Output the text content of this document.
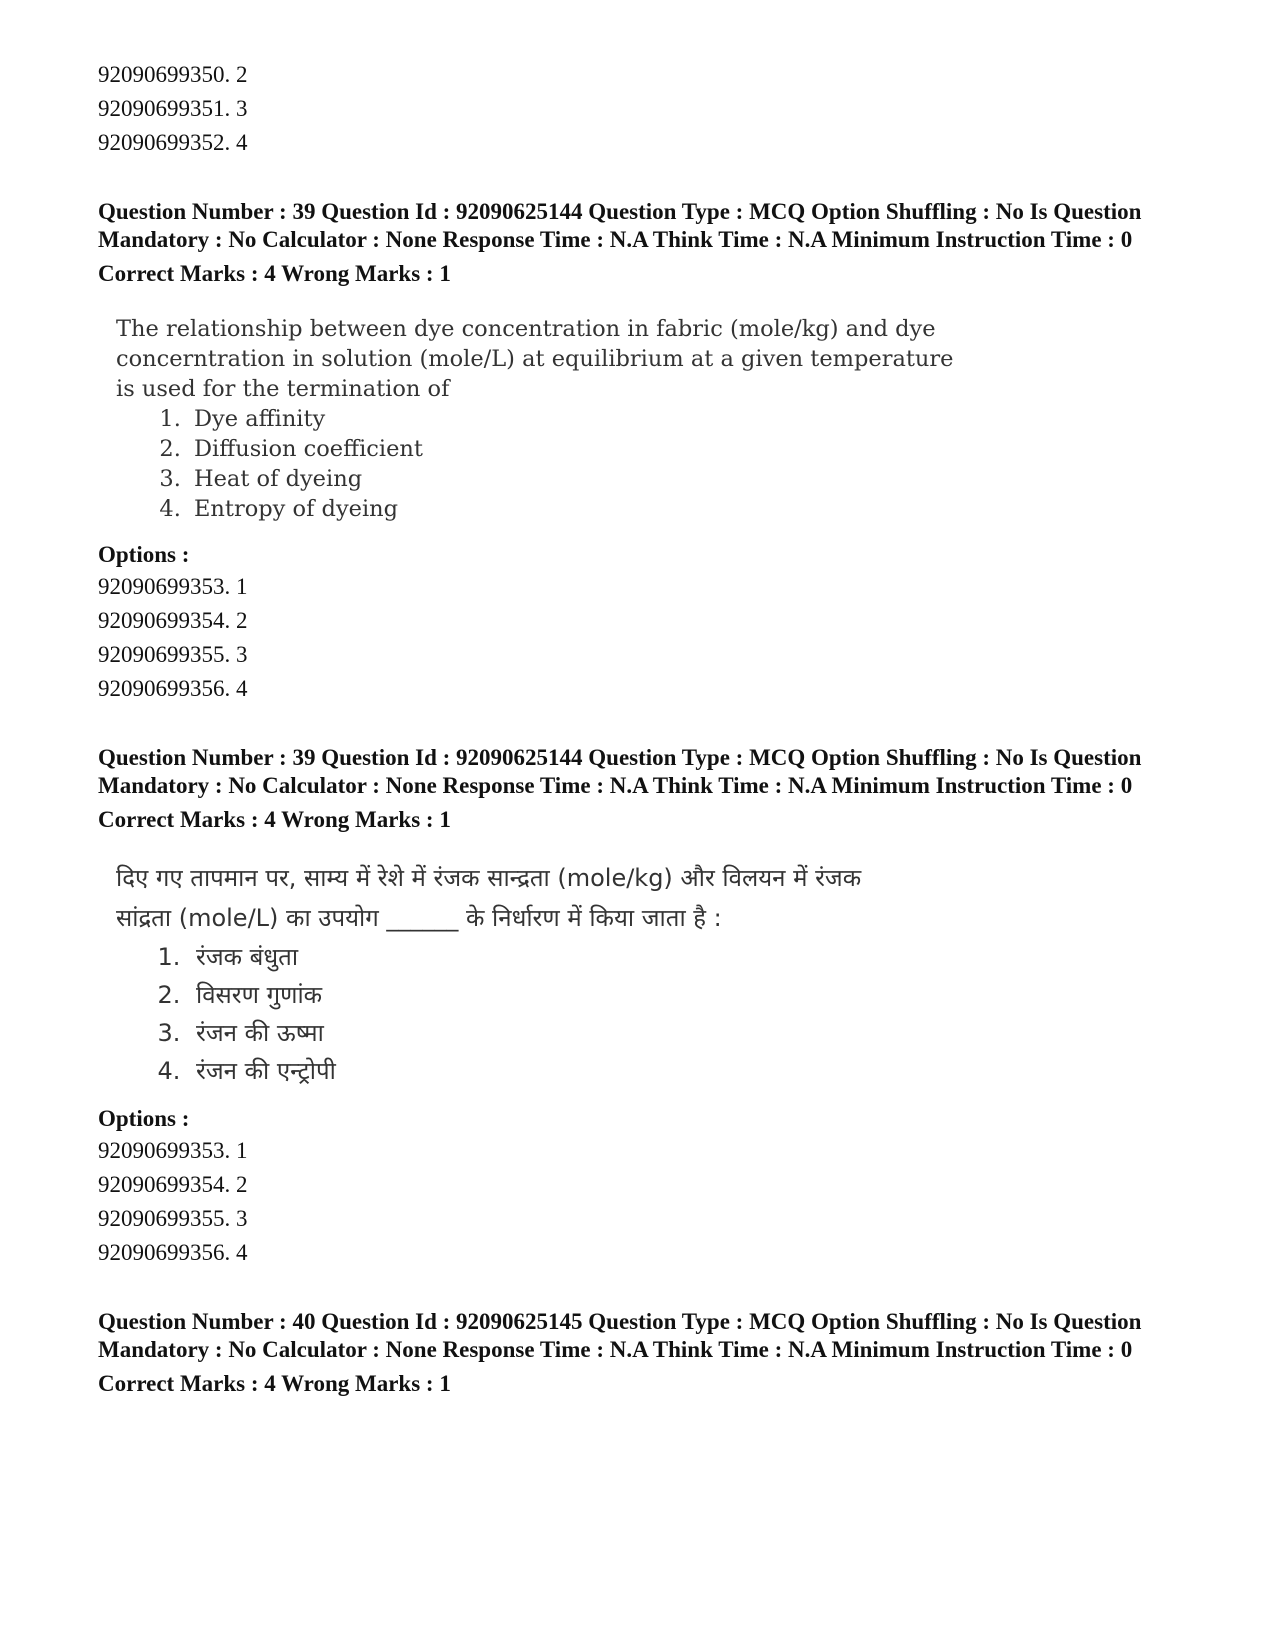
92090699350. 2
92090699351. 3
92090699352. 4
Question Number : 39 Question Id : 92090625144 Question Type : MCQ Option Shuffling : No Is Question Mandatory : No Calculator : None Response Time : N.A Think Time : N.A Minimum Instruction Time : 0
Correct Marks : 4 Wrong Marks : 1
The relationship between dye concentration in fabric (mole/kg) and dye
concerntration in solution (mole/L) at equilibrium at a given temperature
is used for the termination of
1. Dye affinity
2. Diffusion coefficient
3. Heat of dyeing
4. Entropy of dyeing
Options :
92090699353. 1
92090699354. 2
92090699355. 3
92090699356. 4
Question Number : 39 Question Id : 92090625144 Question Type : MCQ Option Shuffling : No Is Question Mandatory : No Calculator : None Response Time : N.A Think Time : N.A Minimum Instruction Time : 0
Correct Marks : 4 Wrong Marks : 1
दिए गए तापमान पर, साम्य में रेशे में रंजक सान्द्रता (mole/kg) और विलयन में रंजक
सांद्रता (mole/L) का उपयोग ______ के निर्धारण में किया जाता है :
1. रंजक बंधुता
2. विसरण गुणांक
3. रंजन की ऊष्मा
4. रंजन की एन्ट्रोपी
Options :
92090699353. 1
92090699354. 2
92090699355. 3
92090699356. 4
Question Number : 40 Question Id : 92090625145 Question Type : MCQ Option Shuffling : No Is Question Mandatory : No Calculator : None Response Time : N.A Think Time : N.A Minimum Instruction Time : 0
Correct Marks : 4 Wrong Marks : 1
